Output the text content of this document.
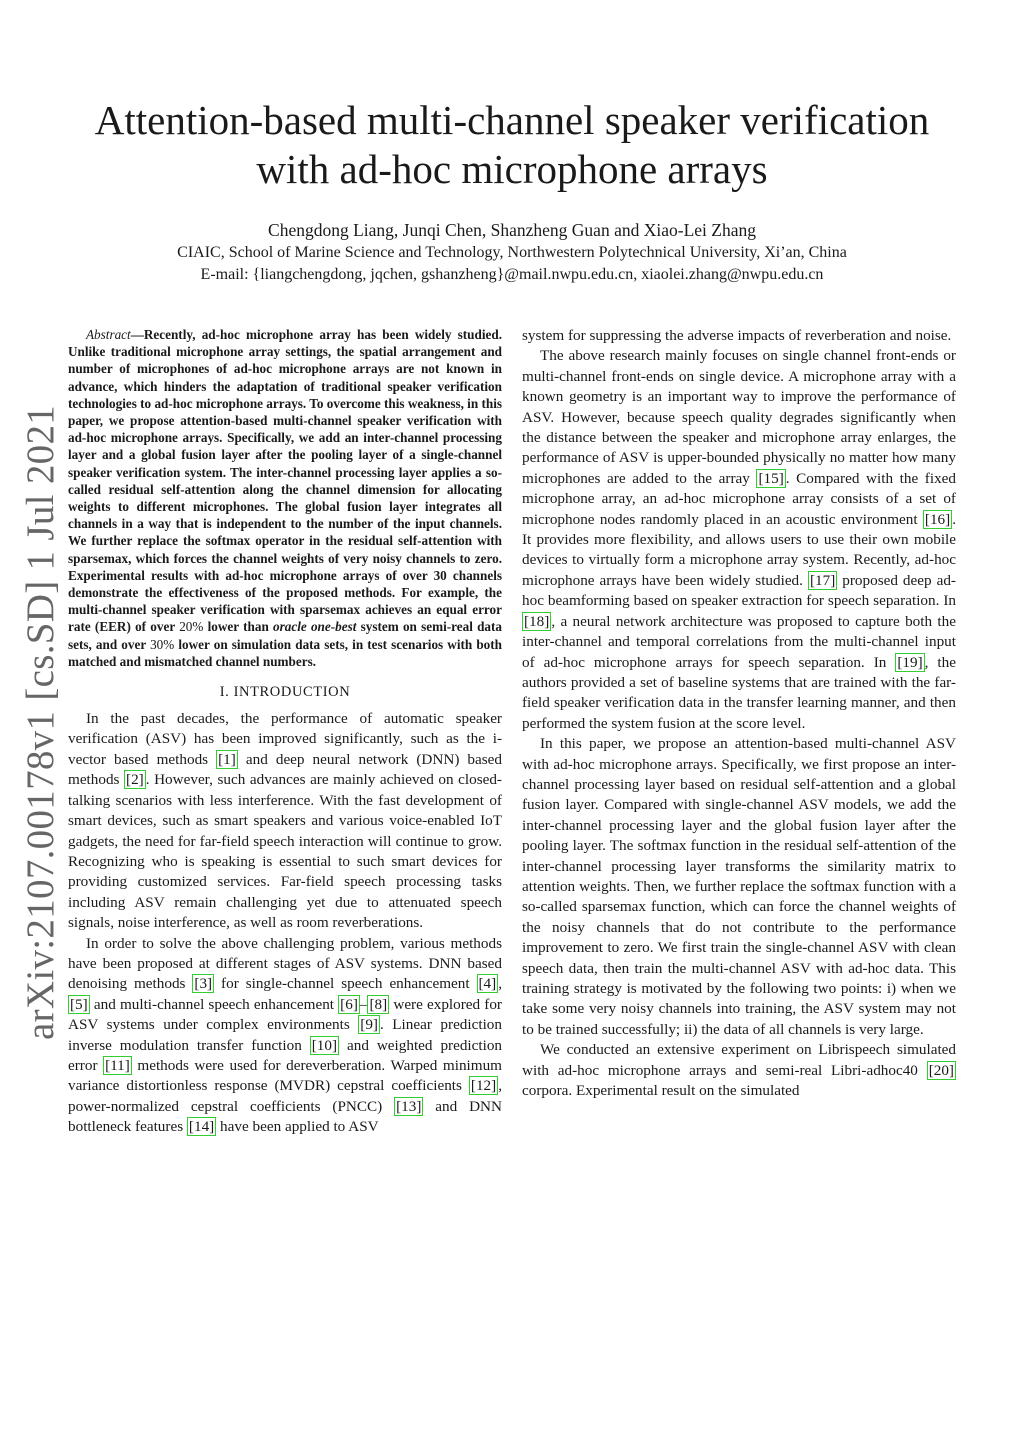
arXiv:2107.00178v1 [cs.SD] 1 Jul 2021
Attention-based multi-channel speaker verification
with ad-hoc microphone arrays
Chengdong Liang, Junqi Chen, Shanzheng Guan and Xiao-Lei Zhang
CIAIC, School of Marine Science and Technology, Northwestern Polytechnical University, Xi’an, China
E-mail: {liangchengdong, jqchen, gshanzheng}@mail.nwpu.edu.cn, xiaolei.zhang@nwpu.edu.cn

Abstract—Recently, ad-hoc microphone array has been widely studied. Unlike traditional microphone array settings, the spatial arrangement and number of microphones of ad-hoc microphone arrays are not known in advance, which hinders the adaptation of traditional speaker verification technologies to ad-hoc microphone arrays. To overcome this weakness, in this paper, we propose attention-based multi-channel speaker verification with ad-hoc microphone arrays. Specifically, we add an inter-channel processing layer and a global fusion layer after the pooling layer of a single-channel speaker verification system. The inter-channel processing layer applies a so-called residual self-attention along the channel dimension for allocating weights to different microphones. The global fusion layer integrates all channels in a way that is independent to the number of the input channels. We further replace the softmax operator in the residual self-attention with sparsemax, which forces the channel weights of very noisy channels to zero. Experimental results with ad-hoc microphone arrays of over 30 channels demonstrate the effectiveness of the proposed methods. For example, the multi-channel speaker verification with sparsemax achieves an equal error rate (EER) of over 20% lower than oracle one-best system on semi-real data sets, and over 30% lower on simulation data sets, in test scenarios with both matched and mismatched channel numbers.

I. INTRODUCTION

In the past decades, the performance of automatic speaker verification (ASV) has been improved significantly, such as the i-vector based methods [1] and deep neural network (DNN) based methods [2] . However, such advances are mainly achieved on closed-talking scenarios with less interference. With the fast development of smart devices, such as smart speakers and various voice-enabled IoT gadgets, the need for far-field speech interaction will continue to grow. Recognizing who is speaking is essential to such smart devices for providing customized services. Far-field speech processing tasks including ASV remain challenging yet due to attenuated speech signals, noise interference, as well as room reverberations.

In order to solve the above challenging problem, various methods have been proposed at different stages of ASV systems. DNN based denoising methods [3] for single-channel speech enhancement [4] , [5] and multi-channel speech enhancement [6] – [8] were explored for ASV systems under complex environments [9] . Linear prediction inverse modulation transfer function [10] and weighted prediction error [11] methods were used for dereverberation. Warped minimum variance distortionless response (MVDR) cepstral coefficients [12] , power-normalized cepstral coefficients (PNCC) [13] and DNN bottleneck features [14] have been applied to ASV

system for suppressing the adverse impacts of reverberation and noise.

The above research mainly focuses on single channel front-ends or multi-channel front-ends on single device. A microphone array with a known geometry is an important way to improve the performance of ASV. However, because speech quality degrades significantly when the distance between the speaker and microphone array enlarges, the performance of ASV is upper-bounded physically no matter how many microphones are added to the array [15] . Compared with the fixed microphone array, an ad-hoc microphone array consists of a set of microphone nodes randomly placed in an acoustic environment [16] . It provides more flexibility, and allows users to use their own mobile devices to virtually form a microphone array system. Recently, ad-hoc microphone arrays have been widely studied. [17] proposed deep ad-hoc beamforming based on speaker extraction for speech separation. In [18] , a neural network architecture was proposed to capture both the inter-channel and temporal correlations from the multi-channel input of ad-hoc microphone arrays for speech separation. In [19] , the authors provided a set of baseline systems that are trained with the far-field speaker verification data in the transfer learning manner, and then performed the system fusion at the score level.

In this paper, we propose an attention-based multi-channel ASV with ad-hoc microphone arrays. Specifically, we first propose an inter-channel processing layer based on residual self-attention and a global fusion layer. Compared with single-channel ASV models, we add the inter-channel processing layer and the global fusion layer after the pooling layer. The softmax function in the residual self-attention of the inter-channel processing layer transforms the similarity matrix to attention weights. Then, we further replace the softmax function with a so-called sparsemax function, which can force the channel weights of the noisy channels that do not contribute to the performance improvement to zero. We first train the single-channel ASV with clean speech data, then train the multi-channel ASV with ad-hoc data. This training strategy is motivated by the following two points: i) when we take some very noisy channels into training, the ASV system may not to be trained successfully; ii) the data of all channels is very large.

We conducted an extensive experiment on Librispeech simulated with ad-hoc microphone arrays and semi-real Libri-adhoc40 [20] corpora. Experimental result on the simulated
